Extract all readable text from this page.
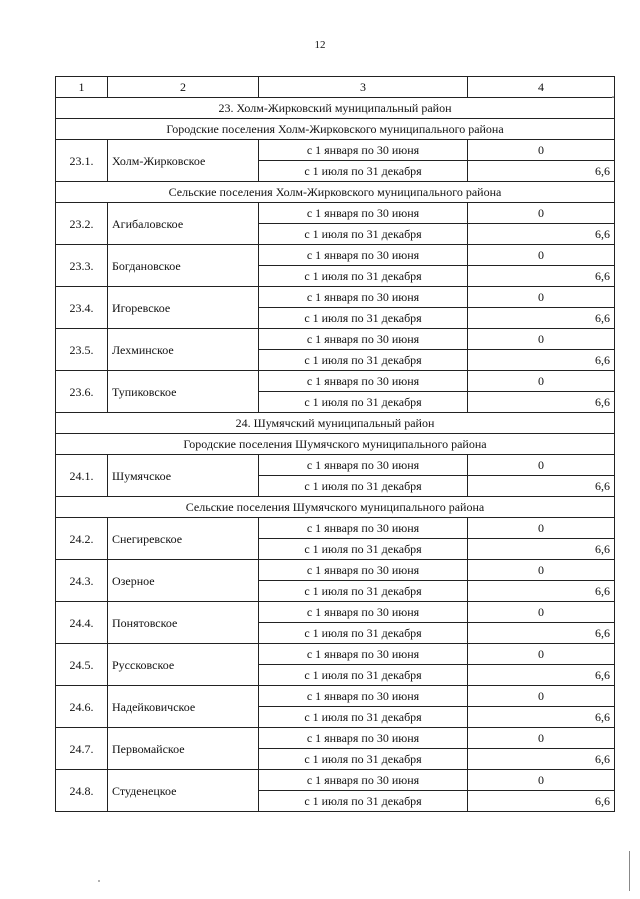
12
1	2	3	4
23. Холм-Жирковский муниципальный район			
Городские поселения Холм-Жирковского муниципального района			
23.1.	Холм-Жирковское	с 1 января по 30 июня	0
		с 1 июля по 31 декабря	6,6
Сельские поселения Холм-Жирковского муниципального района			
23.2.	Агибаловское	с 1 января по 30 июня	0
		с 1 июля по 31 декабря	6,6
23.3.	Богдановское	с 1 января по 30 июня	0
		с 1 июля по 31 декабря	6,6
23.4.	Игоревское	с 1 января по 30 июня	0
		с 1 июля по 31 декабря	6,6
23.5.	Лехминское	с 1 января по 30 июня	0
		с 1 июля по 31 декабря	6,6
23.6.	Тупиковское	с 1 января по 30 июня	0
		с 1 июля по 31 декабря	6,6
24. Шумячский муниципальный район			
Городские поселения Шумячского муниципального района			
24.1.	Шумячское	с 1 января по 30 июня	0
		с 1 июля по 31 декабря	6,6
Сельские поселения Шумячского муниципального района			
24.2.	Снегиревское	с 1 января по 30 июня	0
		с 1 июля по 31 декабря	6,6
24.3.	Озерное	с 1 января по 30 июня	0
		с 1 июля по 31 декабря	6,6
24.4.	Понятовское	с 1 января по 30 июня	0
		с 1 июля по 31 декабря	6,6
24.5.	Руссковское	с 1 января по 30 июня	0
		с 1 июля по 31 декабря	6,6
24.6.	Надейковичское	с 1 января по 30 июня	0
		с 1 июля по 31 декабря	6,6
24.7.	Первомайское	с 1 января по 30 июня	0
		с 1 июля по 31 декабря	6,6
24.8.	Студенецкое	с 1 января по 30 июня	0
		с 1 июля по 31 декабря	6,6
